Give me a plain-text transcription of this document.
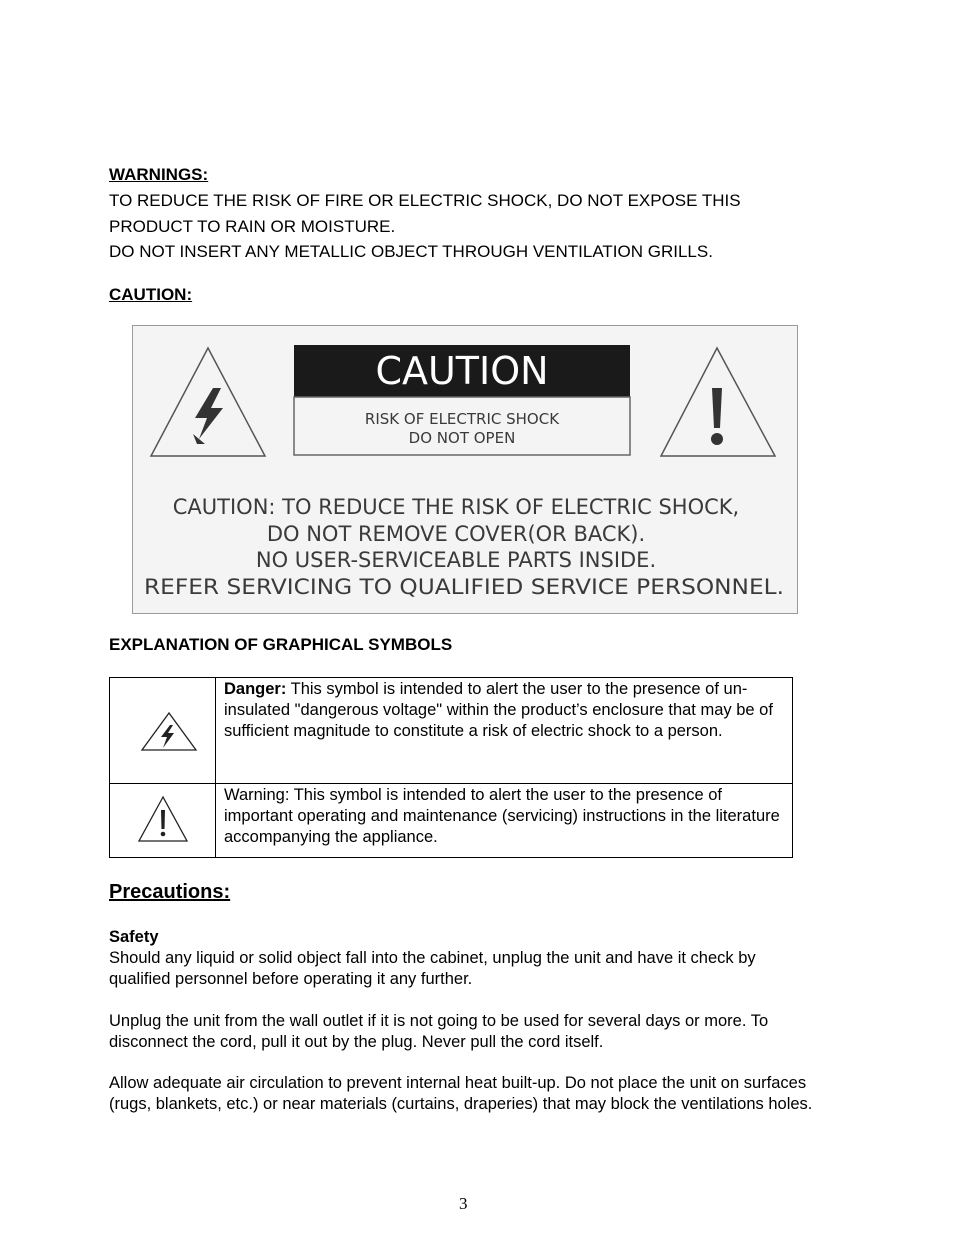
WARNINGS:
TO REDUCE THE RISK OF FIRE OR ELECTRIC SHOCK, DO NOT EXPOSE THIS
PRODUCT TO RAIN OR MOISTURE.
DO NOT INSERT ANY METALLIC OBJECT THROUGH VENTILATION GRILLS.
CAUTION:
CAUTION
RISK OF ELECTRIC SHOCK
DO NOT OPEN
CAUTION: TO REDUCE THE RISK OF ELECTRIC SHOCK,
DO NOT REMOVE COVER(OR BACK).
NO USER-SERVICEABLE PARTS INSIDE.
REFER SERVICING TO QUALIFIED SERVICE PERSONNEL.
EXPLANATION OF GRAPHICAL SYMBOLS
	Danger: This symbol is intended to alert the user to the presence of un-insulated "dangerous voltage" within the product’s enclosure that may be of sufficient magnitude to constitute a risk of electric shock to a person.

	Warning: This symbol is intended to alert the user to the presence of important operating and maintenance (servicing) instructions in the literature accompanying the appliance.
Precautions:
Safety
Should any liquid or solid object fall into the cabinet, unplug the unit and have it check by qualified personnel before operating it any further.
Unplug the unit from the wall outlet if it is not going to be used for several days or more. To disconnect the cord, pull it out by the plug. Never pull the cord itself.
Allow adequate air circulation to prevent internal heat built-up. Do not place the unit on surfaces (rugs, blankets, etc.) or near materials (curtains, draperies) that may block the ventilations holes.
3
